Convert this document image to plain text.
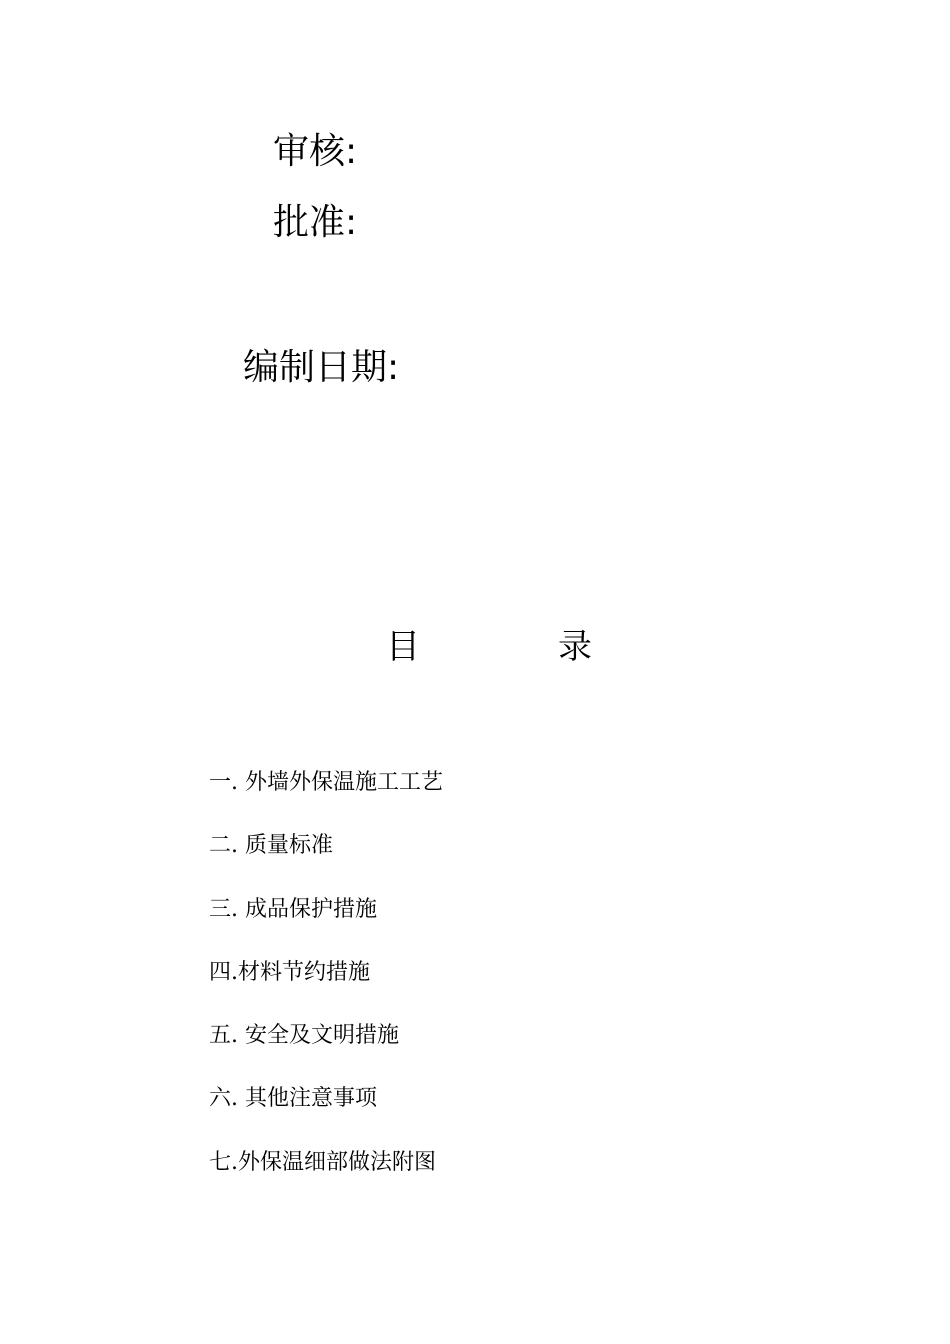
审核:
批准:
编制日期:
目	录
一. 外墙外保温施工工艺
二. 质量标准
三. 成品保护措施
四.材料节约措施
五. 安全及文明措施
六. 其他注意事项
七.外保温细部做法附图
